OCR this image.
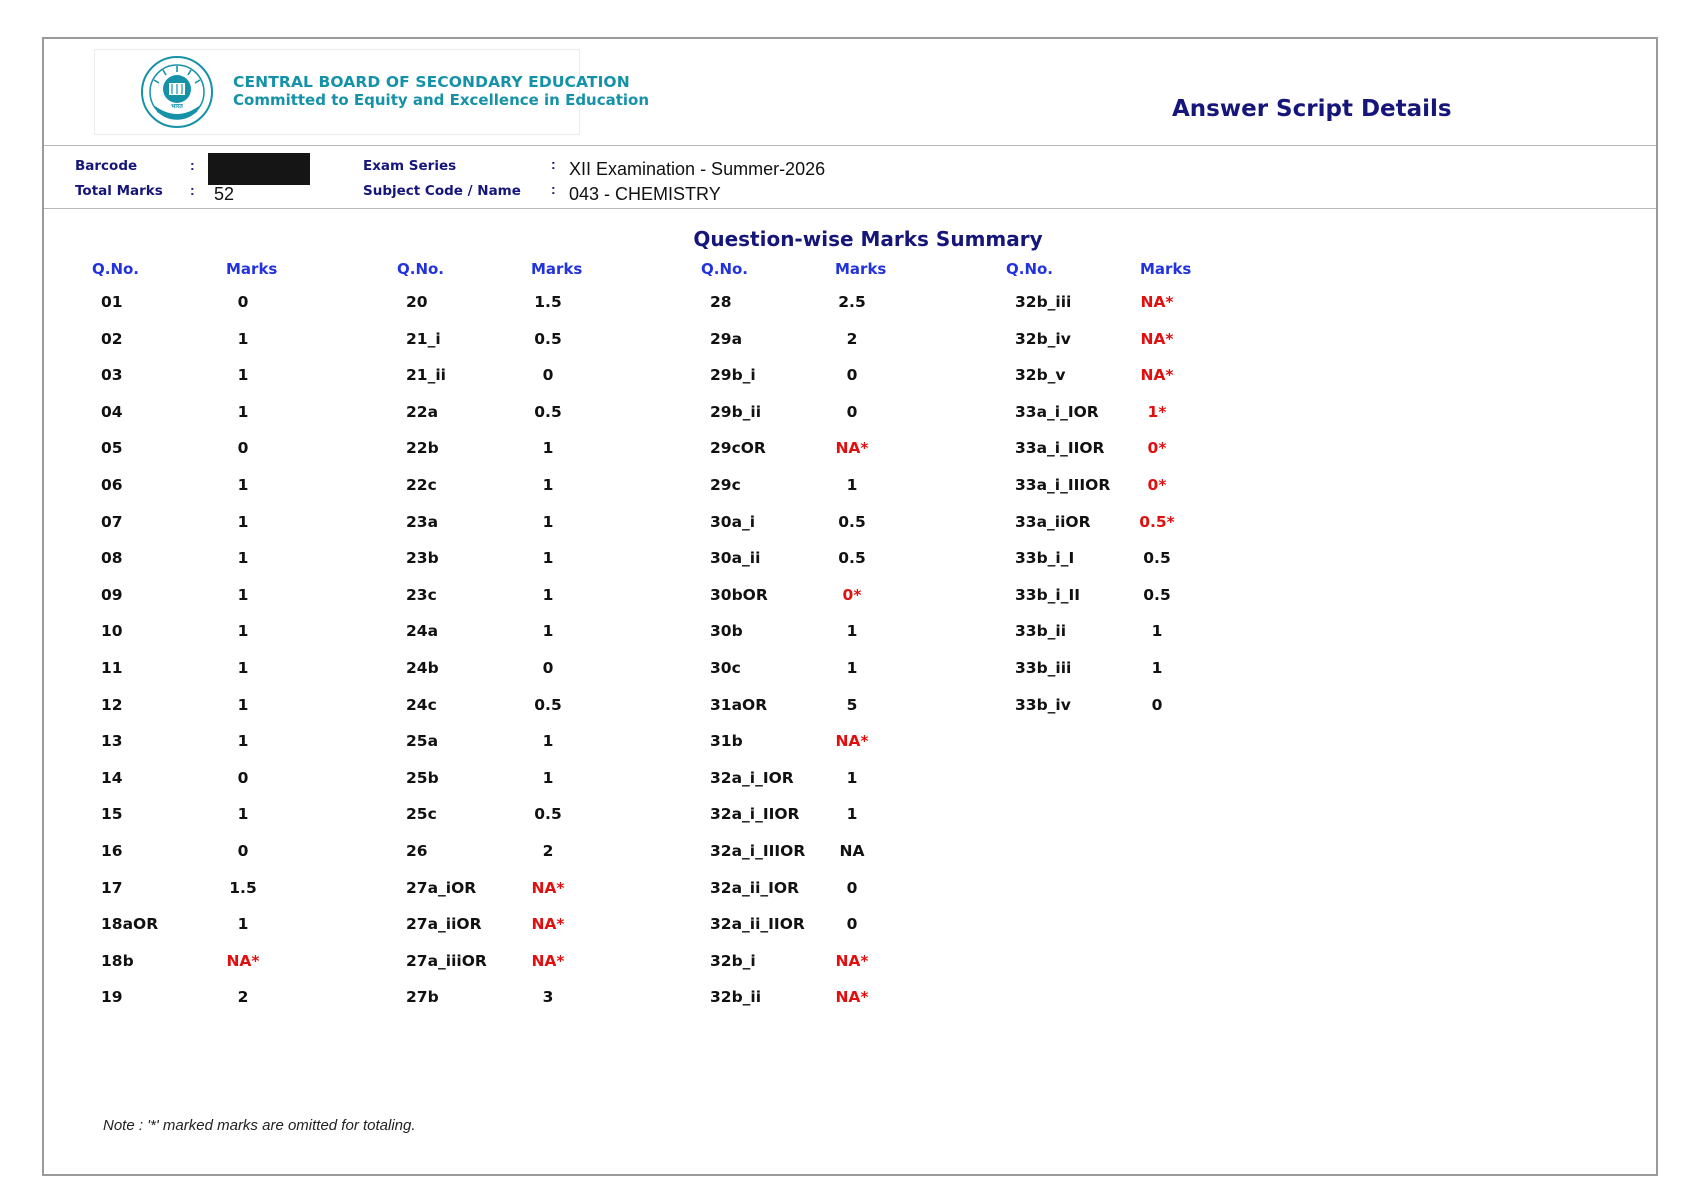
भारत
CENTRAL BOARD OF SECONDARY EDUCATION
Committed to Equity and Excellence in Education	Answer Script Details
Barcode	:
Total Marks : 52
Exam Series	: XII Examination - Summer-2026
Subject Code / Name : 043 - CHEMISTRY
Question-wise Marks Summary
Q.No.	Marks
01	0
02	1
03	1
04	1
05	0
06	1
07	1
08	1
09	1
10	1
11	1
12	1
13	1
14	0
15	1
16	0
17	1.5
18aOR	1
18b	NA*
19	2
Q.No.	Marks
20	1.5
21_i	0.5
21_ii	0
22a	0.5
22b	1
22c	1
23a	1
23b	1
23c	1
24a	1
24b	0
24c	0.5
25a	1
25b	1
25c	0.5
26	2
27a_iOR	NA*
27a_iiOR	NA*
27a_iiiOR	NA*
27b	3
Q.No.	Marks
28	2.5
29a	2
29b_i	0
29b_ii	0
29cOR	NA*
29c	1
30a_i	0.5
30a_ii	0.5
30bOR	0*
30b	1
30c	1
31aOR	5
31b	NA*
32a_i_IOR	1
32a_i_IIOR	1
32a_i_IIIOR	NA
32a_ii_IOR	0
32a_ii_IIOR	0
32b_i	NA*
32b_ii	NA*
Q.No.	Marks
32b_iii	NA*
32b_iv	NA*
32b_v	NA*
33a_i_IOR	1*
33a_i_IIOR	0*
33a_i_IIIOR	0*
33a_iiOR	0.5*
33b_i_I	0.5
33b_i_II	0.5
33b_ii	1
33b_iii	1
33b_iv	0
Note : '*' marked marks are omitted for totaling.
